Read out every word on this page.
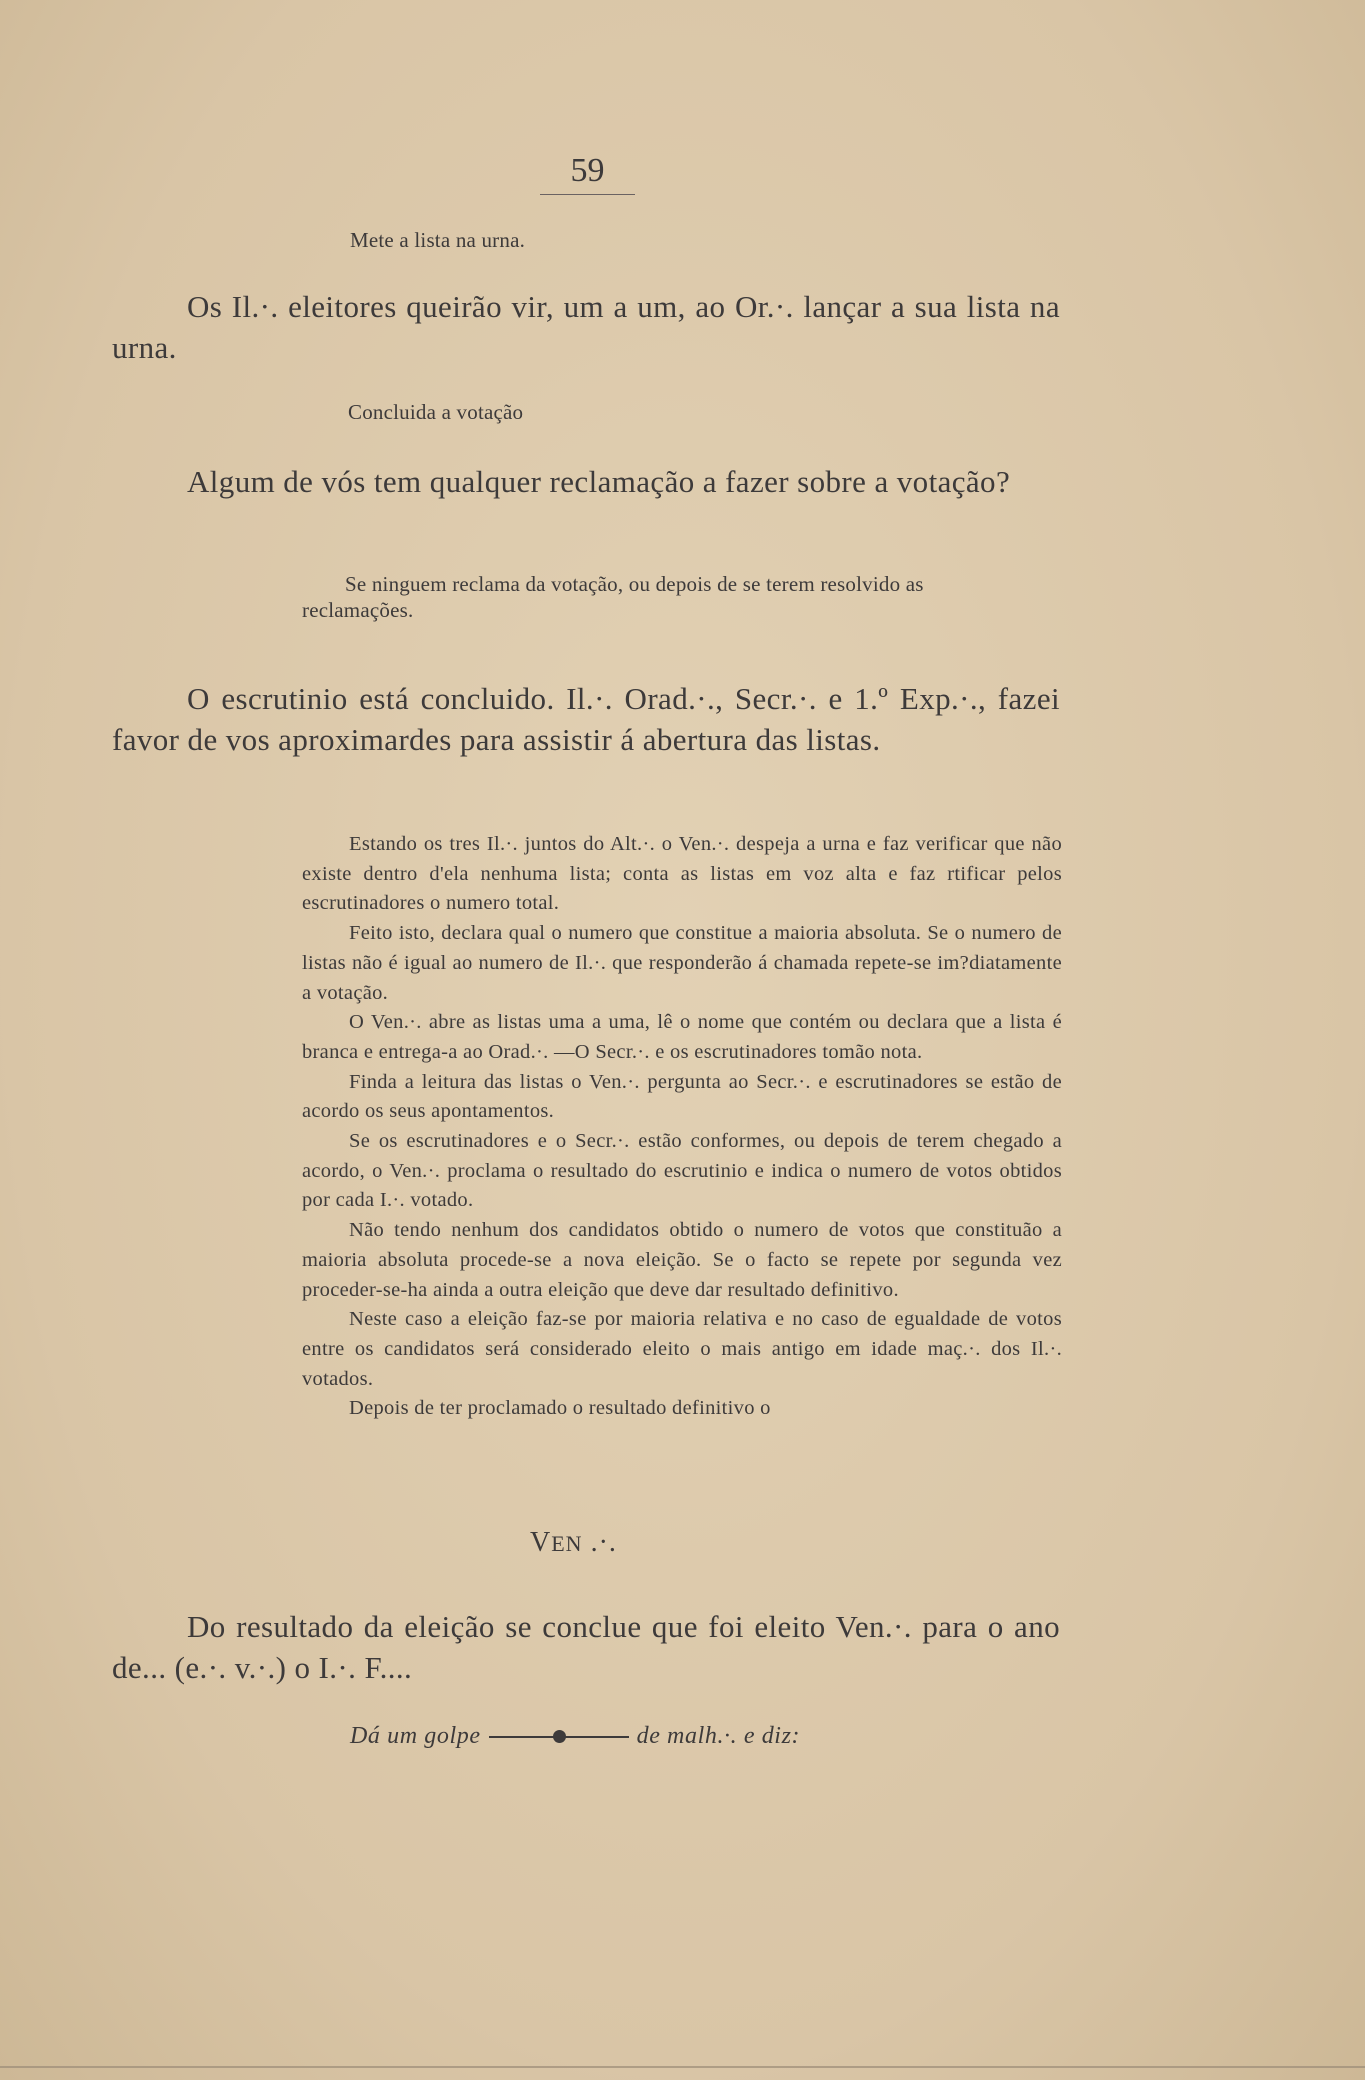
59
Mete a lista na urna.
Os Il.·. eleitores queirão vir, um a um, ao Or.·. lançar a sua lista na urna.
Concluida a votação
Algum de vós tem qualquer reclamação a fazer sobre a votação?
Se ninguem reclama da votação, ou depois de se terem resolvido as
reclamações.
O escrutinio está concluido. Il.·. Orad.·., Secr.·. e 1.º Exp.·., fazei favor de vos aproximardes para assistir á abertura das listas.

Estando os tres Il.·. juntos do Alt.·. o Ven.·. despeja a urna e faz verificar que não existe dentro d'ela nenhuma lista; conta as listas em voz alta e faz rtificar pelos escrutinadores o numero total.

Feito isto, declara qual o numero que constitue a maioria absoluta. Se o numero de listas não é igual ao numero de Il.·. que responderão á chamada repete-se im?diatamente a votação.

O Ven.·. abre as listas uma a uma, lê o nome que contém ou declara que a lista é branca e entrega-a ao Orad.·. —O Secr.·. e os escrutinadores tomão nota.

Finda a leitura das listas o Ven.·. pergunta ao Secr.·. e escrutinadores se estão de acordo os seus apontamentos.

Se os escrutinadores e o Secr.·. estão conformes, ou depois de terem chegado a acordo, o Ven.·. proclama o resultado do escrutinio e indica o numero de votos obtidos por cada I.·. votado.

Não tendo nenhum dos candidatos obtido o numero de votos que constituão a maioria absoluta procede-se a nova eleição. Se o facto se repete por segunda vez proceder-se-ha ainda a outra eleição que deve dar resultado definitivo.

Neste caso a eleição faz-se por maioria relativa e no caso de egualdade de votos entre os candidatos será considerado eleito o mais antigo em idade maç.·. dos Il.·. votados.

Depois de ter proclamado o resultado definitivo o

VEN .·.
Do resultado da eleição se conclue que foi eleito Ven.·. para o ano de... (e.·. v.·.) o I.·. F....
Dá um golpe	de malh.·. e diz:
